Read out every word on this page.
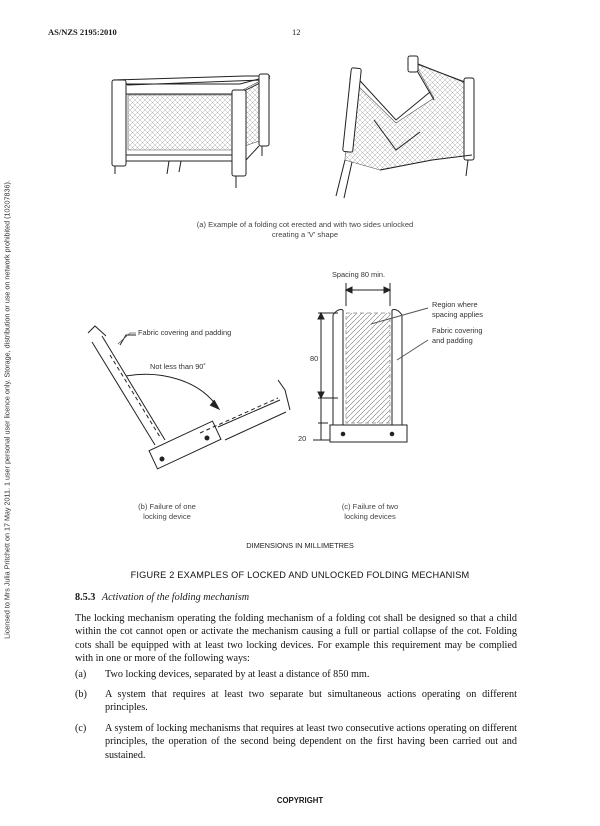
AS/NZS 2195:2010	12
Licensed to Mrs Julia Pritchett on 17 May 2011. 1 user personal user licence only. Storage, distribution or use on network prohibited (10207836).	(a) Example of a folding cot erected and with two sides unlocked
creating a 'V' shape
Fabric covering and padding
Not less than 90˚
(b) Failure of one
locking device
Spacing 80 min.
Region where
spacing applies
Fabric covering
and padding
80
20
(c) Failure of two
locking devices
DIMENSIONS IN MILLIMETRES
FIGURE 2 EXAMPLES OF LOCKED AND UNLOCKED FOLDING MECHANISM
8.5.3 Activation of the folding mechanism
The locking mechanism operating the folding mechanism of a folding cot shall be designed so that a child within the cot cannot open or activate the mechanism causing a full or partial collapse of the cot. Folding cots shall be equipped with at least two locking devices. For example this requirement may be complied with in one or more of the following ways:
(a)	Two locking devices, separated by at least a distance of 850 mm.
(b)	A system that requires at least two separate but simultaneous actions operating on different principles.
(c)	A system of locking mechanisms that requires at least two consecutive actions operating on different principles, the operation of the second being dependent on the first having been carried out and sustained.
COPYRIGHT
